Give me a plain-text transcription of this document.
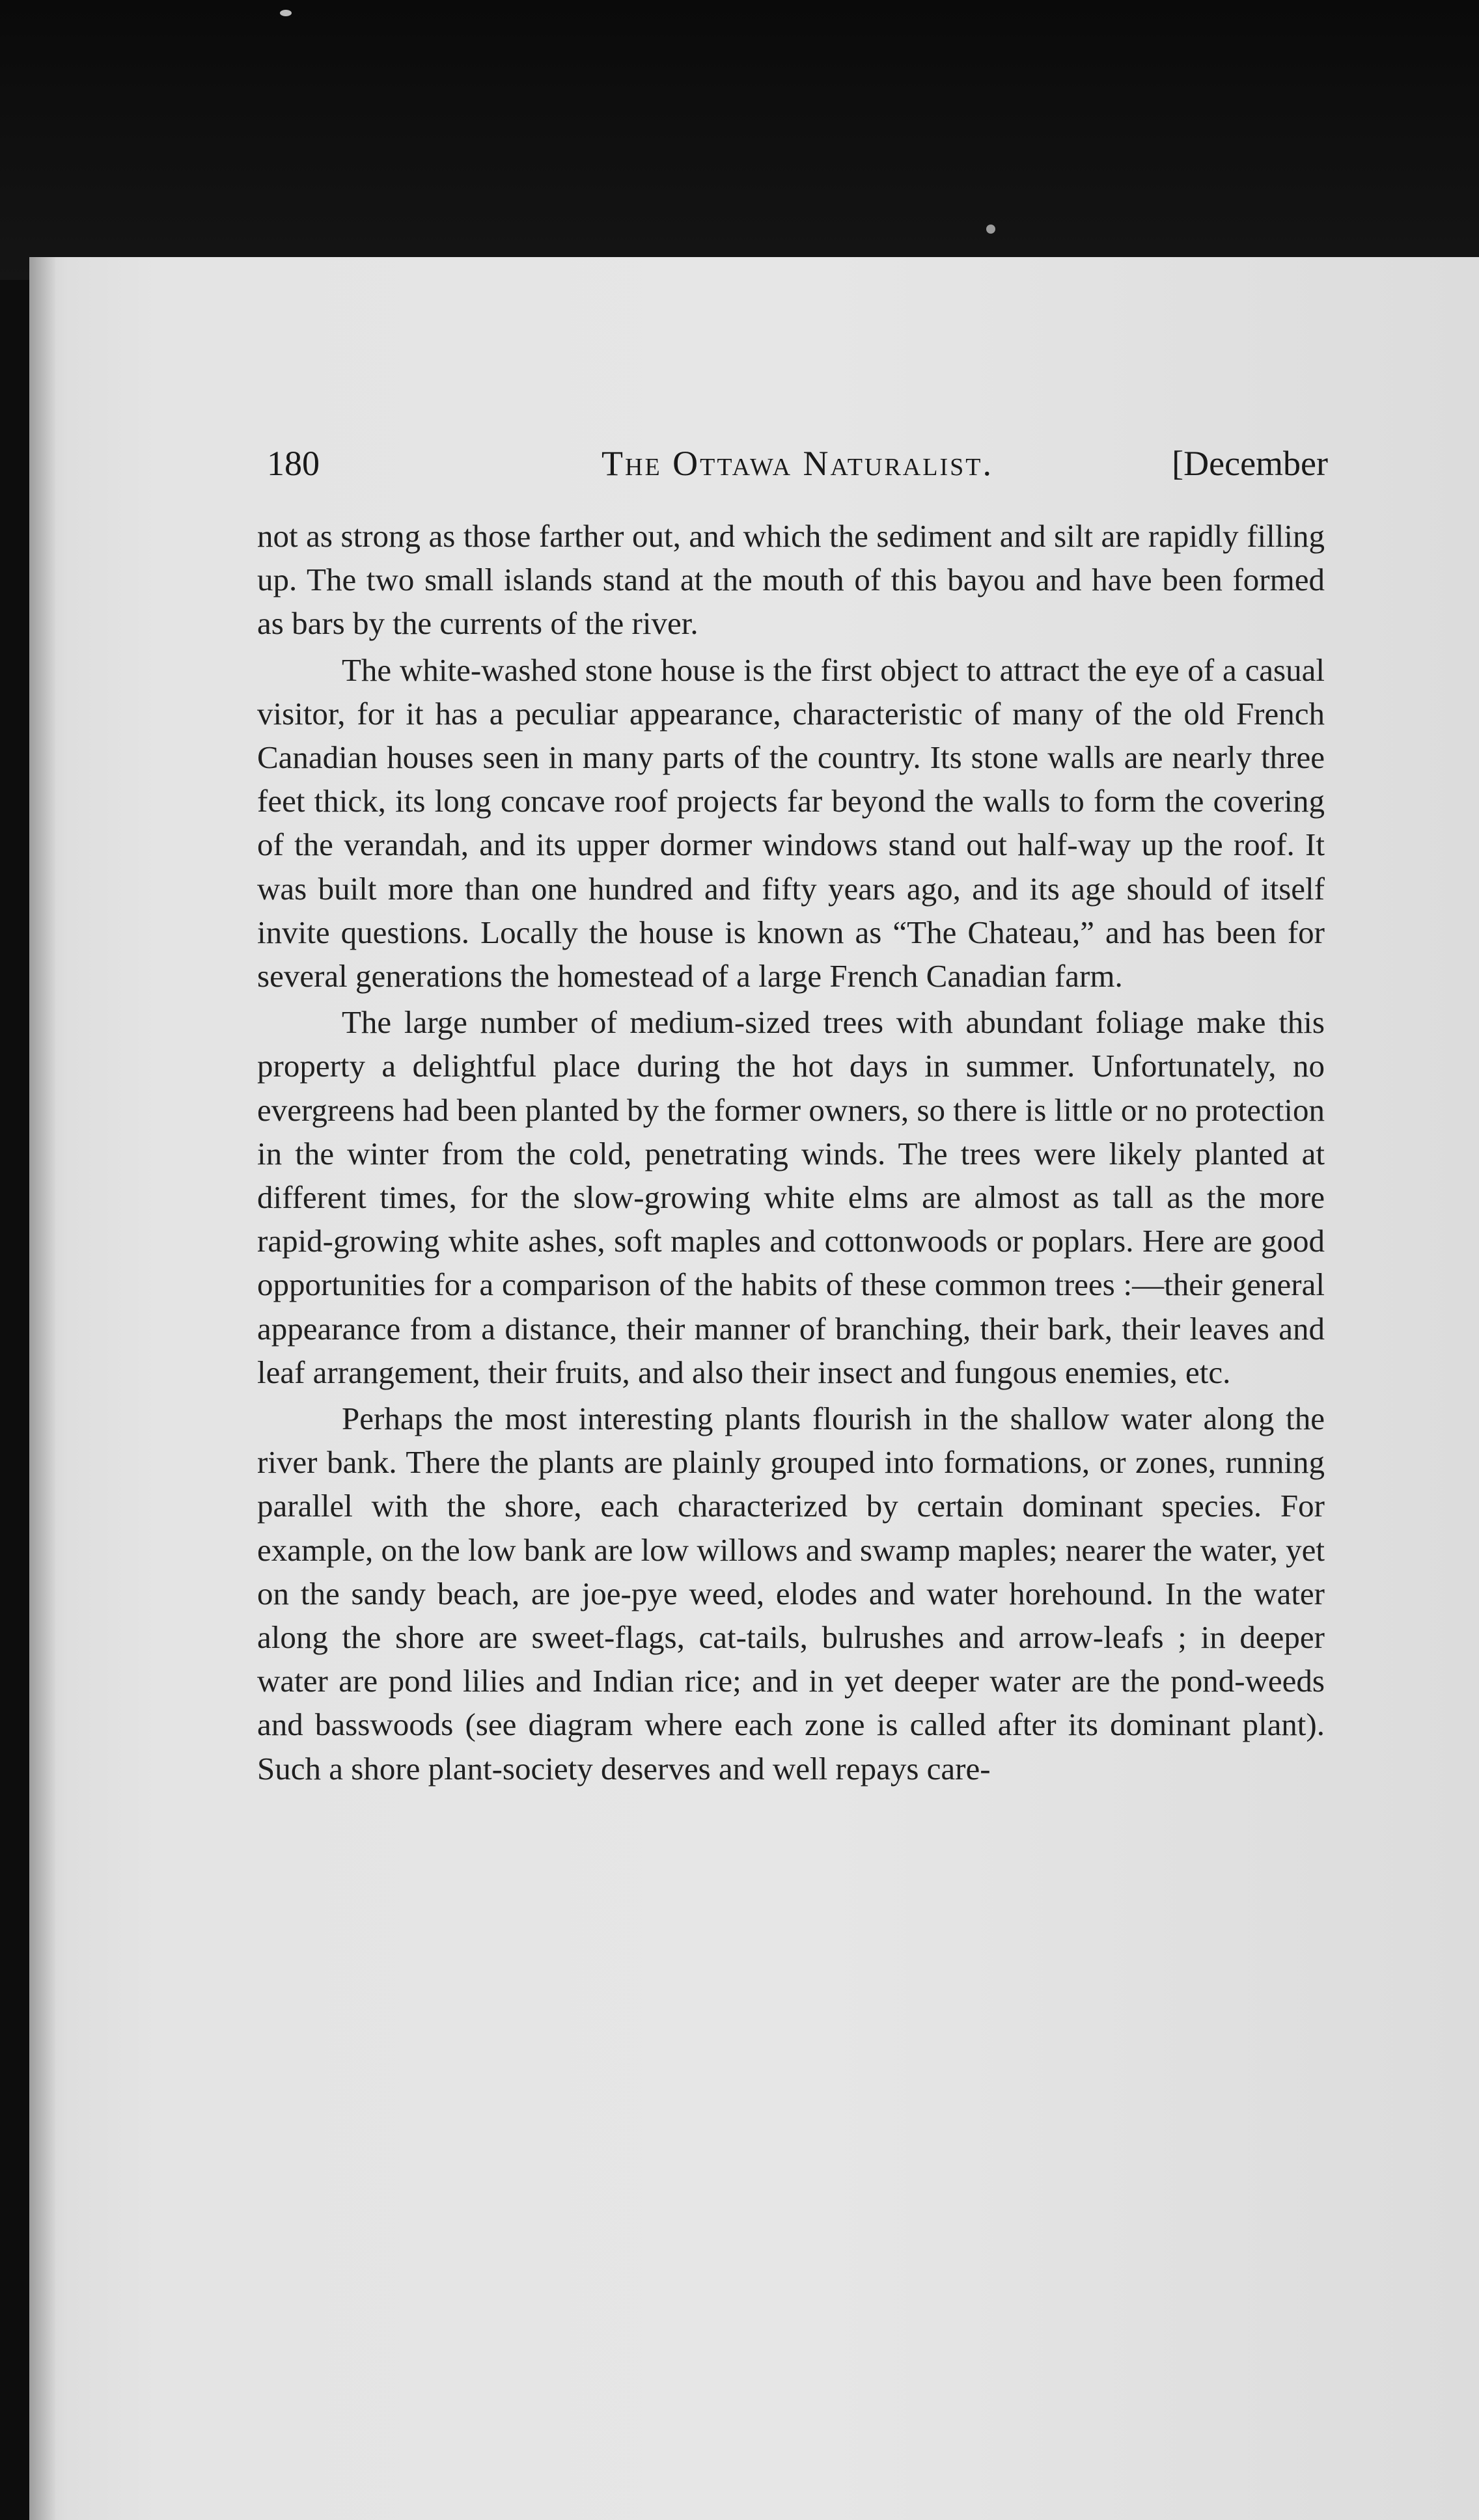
180	The Ottawa Naturalist.	[December

not as strong as those farther out, and which the sediment and silt are rapidly filling up. The two small islands stand at the mouth of this bayou and have been formed as bars by the currents of the river.

The white-washed stone house is the first object to attract the eye of a casual visitor, for it has a peculiar appearance, characteristic of many of the old French Canadian houses seen in many parts of the country. Its stone walls are nearly three feet thick, its long concave roof projects far beyond the walls to form the covering of the verandah, and its upper dormer windows stand out half-way up the roof. It was built more than one hundred and fifty years ago, and its age should of itself invite questions. Locally the house is known as “The Chateau,” and has been for several generations the homestead of a large French Canadian farm.

The large number of medium-sized trees with abundant foliage make this property a delightful place during the hot days in summer. Unfortunately, no evergreens had been planted by the former owners, so there is little or no protection in the winter from the cold, penetrating winds. The trees were likely planted at different times, for the slow-growing white elms are almost as tall as the more rapid-growing white ashes, soft maples and cottonwoods or poplars. Here are good opportunities for a comparison of the habits of these common trees :—their general appearance from a distance, their manner of branching, their bark, their leaves and leaf arrangement, their fruits, and also their insect and fungous enemies, etc.

Perhaps the most interesting plants flourish in the shallow water along the river bank. There the plants are plainly grouped into formations, or zones, running parallel with the shore, each characterized by certain dominant species. For example, on the low bank are low willows and swamp maples; nearer the water, yet on the sandy beach, are joe-pye weed, elodes and water horehound. In the water along the shore are sweet-flags, cat-tails, bulrushes and arrow-leafs ; in deeper water are pond lilies and Indian rice; and in yet deeper water are the pond-weeds and basswoods (see diagram where each zone is called after its dominant plant). Such a shore plant-society deserves and well repays care-
